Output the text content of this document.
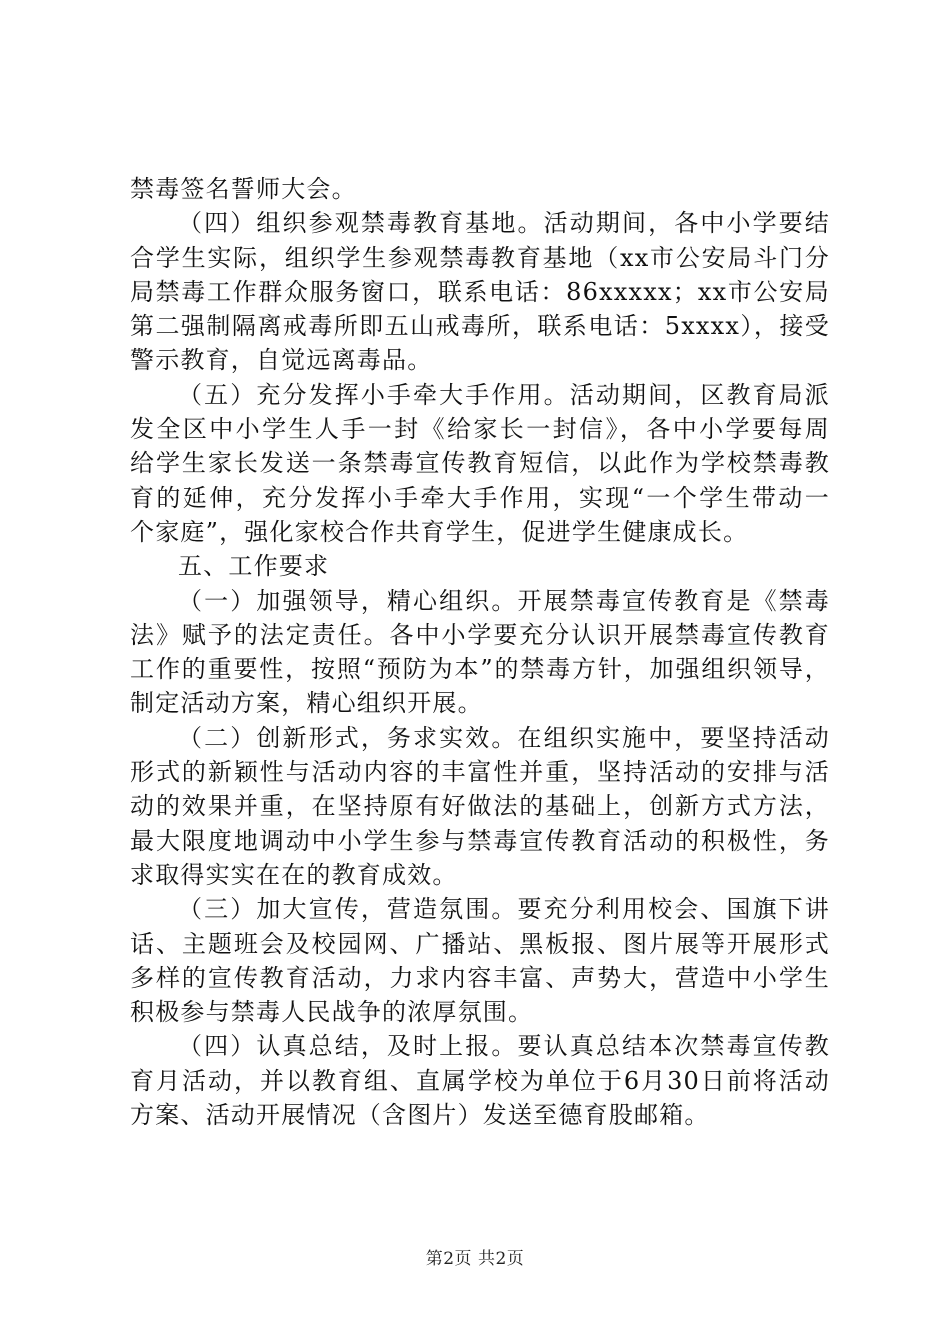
禁毒签名誓师大会。
（四）组织参观禁毒教育基地。活动期间，各中小学要结
合学生实际，组织学生参观禁毒教育基地（xx市公安局斗门分
局禁毒工作群众服务窗口，联系电话：86xxxxx；xx市公安局
第二强制隔离戒毒所即五山戒毒所，联系电话：5xxxx），接受
警示教育，自觉远离毒品。
（五）充分发挥小手牵大手作用。活动期间，区教育局派
发全区中小学生人手一封《给家长一封信》，各中小学要每周
给学生家长发送一条禁毒宣传教育短信，以此作为学校禁毒教
育的延伸，充分发挥小手牵大手作用，实现“一个学生带动一
个家庭”，强化家校合作共育学生，促进学生健康成长。
五、工作要求
（一）加强领导，精心组织。开展禁毒宣传教育是《禁毒
法》赋予的法定责任。各中小学要充分认识开展禁毒宣传教育
工作的重要性，按照“预防为本”的禁毒方针，加强组织领导，
制定活动方案，精心组织开展。
（二）创新形式，务求实效。在组织实施中，要坚持活动
形式的新颖性与活动内容的丰富性并重，坚持活动的安排与活
动的效果并重，在坚持原有好做法的基础上，创新方式方法，
最大限度地调动中小学生参与禁毒宣传教育活动的积极性，务
求取得实实在在的教育成效。
（三）加大宣传，营造氛围。要充分利用校会、国旗下讲
话、主题班会及校园网、广播站、黑板报、图片展等开展形式
多样的宣传教育活动，力求内容丰富、声势大，营造中小学生
积极参与禁毒人民战争的浓厚氛围。
（四）认真总结，及时上报。要认真总结本次禁毒宣传教
育月活动，并以教育组、直属学校为单位于6月30日前将活动
方案、活动开展情况（含图片）发送至德育股邮箱。
第2页 共2页
